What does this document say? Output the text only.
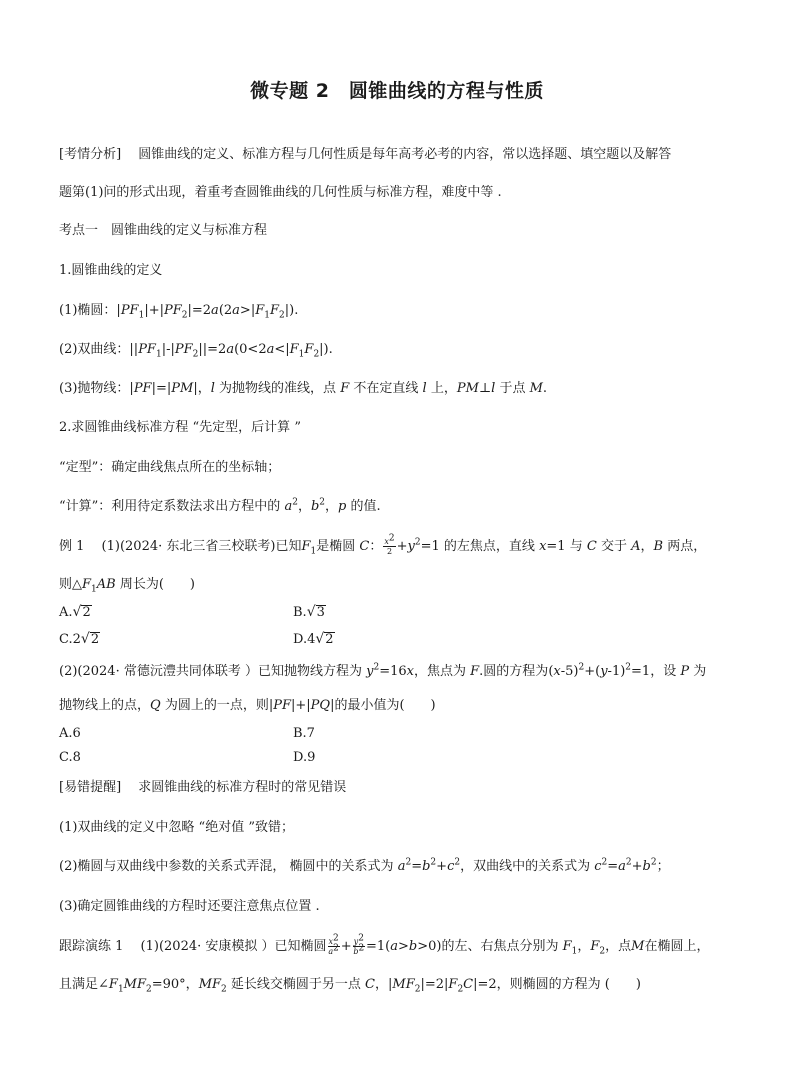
微专题 2　圆锥曲线的方程与性质
[考情分析]　 圆锥曲线的定义、标准方程与几何性质是每年高考必考的内容，常以选择题、填空题以及解答
题第(1)问的形式出现，着重考查圆锥曲线的几何性质与标准方程，难度中等 .
考点一　圆锥曲线的定义与标准方程
1.圆锥曲线的定义
(1)椭圆：$|PF_1|+|PF_2|=2a(2a>|F_1F_2|)$.
(2)双曲线：$||PF_1|-|PF_2||=2a(0<2a<|F_1F_2|)$.
(3)抛物线：|PF|=|PM|，l 为抛物线的准线，点 F 不在定直线 l 上，PM⊥l 于点 M.
2.求圆锥曲线标准方程 “先定型，后计算 ”
“定型”：确定曲线焦点所在的坐标轴；
“计算”：利用待定系数法求出方程中的 $a^2$，$b^2$，p 的值.
例 1　 (1)(2024· 东北三省三校联考)已知$F_1$是椭圆 C： $\frac{x^2}{2} +y^2=1$ 的左焦点，直线 x=1 与 C 交于 A，B 两点，
则$\triangle F_1AB$ 周长为(　　)
A. √ 2	B. √ 3
C.2 √ 2	D.4 √ 2
(2)(2024· 常德沅澧共同体联考 ）已知抛物线方程为 $y^2=16x$，焦点为 F.圆的方程为$(x-5)^2+(y-1)^2=1$，设 P 为
抛物线上的点，Q 为圆上的一点，则|PF|+|PQ|的最小值为(　　)
A.6	B.7
C.8	D.9
[易错提醒]　 求圆锥曲线的标准方程时的常见错误
(1)双曲线的定义中忽略 “绝对值 ”致错；
(2)椭圆与双曲线中参数的关系式弄混， 椭圆中的关系式为 $a^2=b^2+c^2$，双曲线中的关系式为 $c^2=a^2+b^2$；
(3)确定圆锥曲线的方程时还要注意焦点位置 .
跟踪演练 1　 (1)(2024· 安康模拟 ）已知椭圆 $\frac{x^2}{a^2} + \frac{y^2}{b^2} =1(a>b>0)$的左、右焦点分别为 $F_1$，$F_2$，点M在椭圆上，
且满足$\angle F_1MF_2=90^\circ$，$MF_2$ 延长线交椭圆于另一点 C，$|MF_2|=2|F_2C|=2$，则椭圆的方程为 (　　)
